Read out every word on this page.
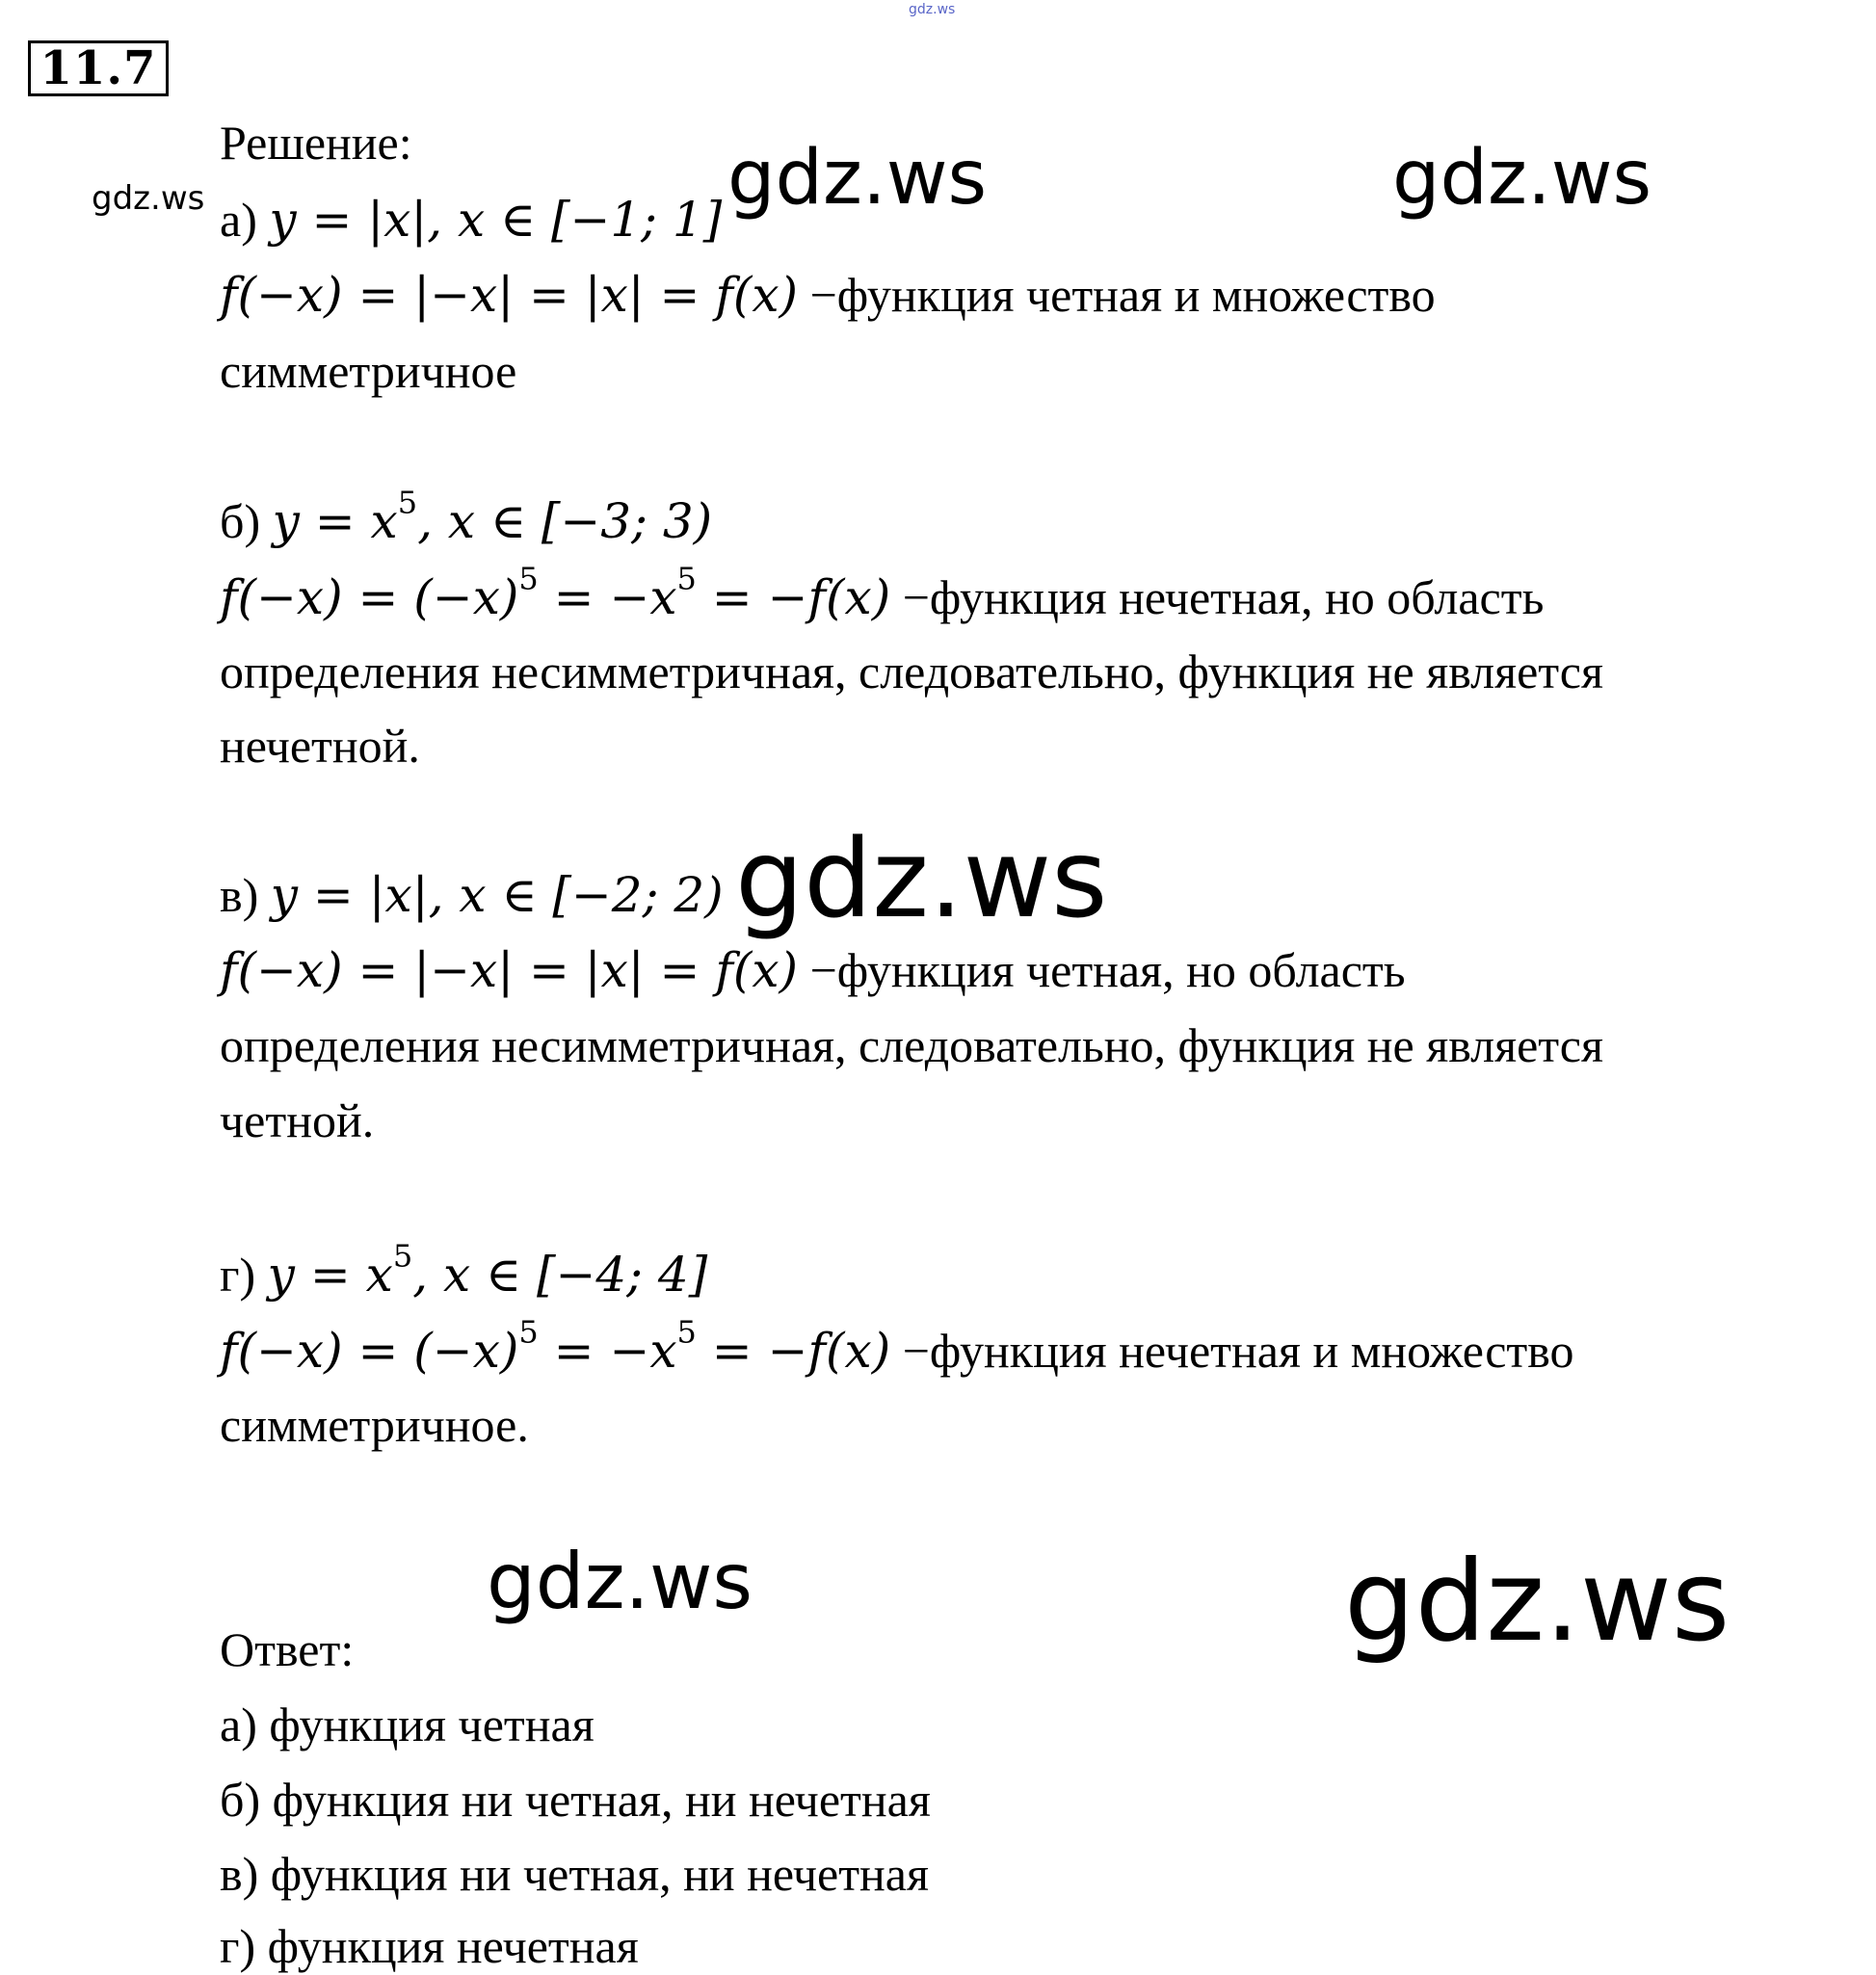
gdz.ws
gdz.ws	gdz.ws	gdz.ws
gdz.ws
gdz.ws	gdz.ws
11.7
Решение:
а) y = |x|, x ∈ [−1; 1]
f(−x) = |−x| = |x| = f(x) −функция четная и множество
симметричное
б) $y = x^5$, x ∈ [−3; 3)
$f(-x) = (-x)^5 = -x^5 = -f(x)$ −функция нечетная, но область
определения несимметричная, следовательно, функция не является
нечетной.
в) y = |x|, x ∈ [−2; 2)
f(−x) = |−x| = |x| = f(x) −функция четная, но область
определения несимметричная, следовательно, функция не является
четной.
г) $y = x^5$, x ∈ [−4; 4]
$f(-x) = (-x)^5 = -x^5 = -f(x)$ −функция нечетная и множество
симметричное.
Ответ:
а) функция четная
б) функция ни четная, ни нечетная
в) функция ни четная, ни нечетная
г) функция нечетная
